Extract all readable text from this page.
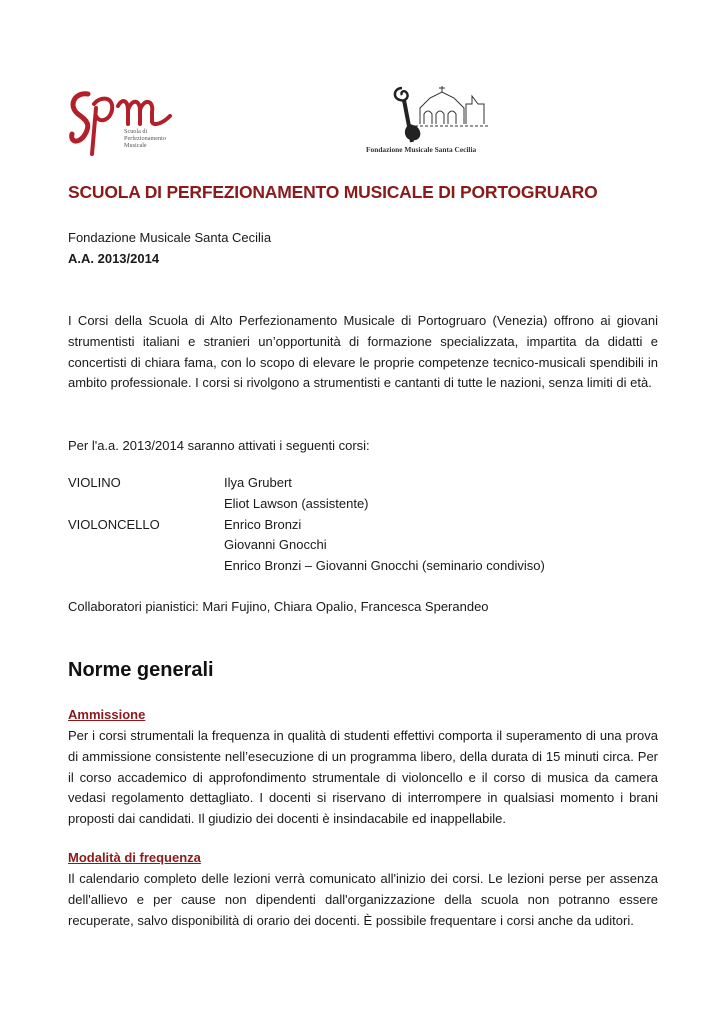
Scuola di
Perfezionamento
Musicale	Fondazione Musicale Santa Cecilia
SCUOLA DI PERFEZIONAMENTO MUSICALE DI PORTOGRUARO

Fondazione Musicale Santa Cecilia

A.A. 2013/2014

I Corsi della Scuola di Alto Perfezionamento Musicale di Portogruaro (Venezia) offrono ai giovani strumentisti italiani e stranieri un’opportunità di formazione specializzata, impartita da didatti e concertisti di chiara fama, con lo scopo di elevare le proprie competenze tecnico-musicali spendibili in ambito professionale. I corsi si rivolgono a strumentisti e cantanti di tutte le nazioni, senza limiti di età.

Per l'a.a. 2013/2014 saranno attivati i seguenti corsi:

VIOLINO	Ilya Grubert
Eliot Lawson (assistente)
VIOLONCELLO	Enrico Bronzi
Giovanni Gnocchi
Enrico Bronzi – Giovanni Gnocchi (seminario condiviso)

Collaboratori pianistici: Mari Fujino, Chiara Opalio, Francesca Sperandeo

Norme generali
Ammissione

Per i corsi strumentali la frequenza in qualità di studenti effettivi comporta il superamento di una prova di ammissione consistente nell’esecuzione di un programma libero, della durata di 15 minuti circa. Per il corso accademico di approfondimento strumentale di violoncello e il corso di musica da camera vedasi regolamento dettagliato. I docenti si riservano di interrompere in qualsiasi momento i brani proposti dai candidati. Il giudizio dei docenti è insindacabile ed inappellabile.

Modalità di frequenza

Il calendario completo delle lezioni verrà comunicato all'inizio dei corsi. Le lezioni perse per assenza dell'allievo e per cause non dipendenti dall'organizzazione della scuola non potranno essere recuperate, salvo disponibilità di orario dei docenti. È possibile frequentare i corsi anche da uditori.
